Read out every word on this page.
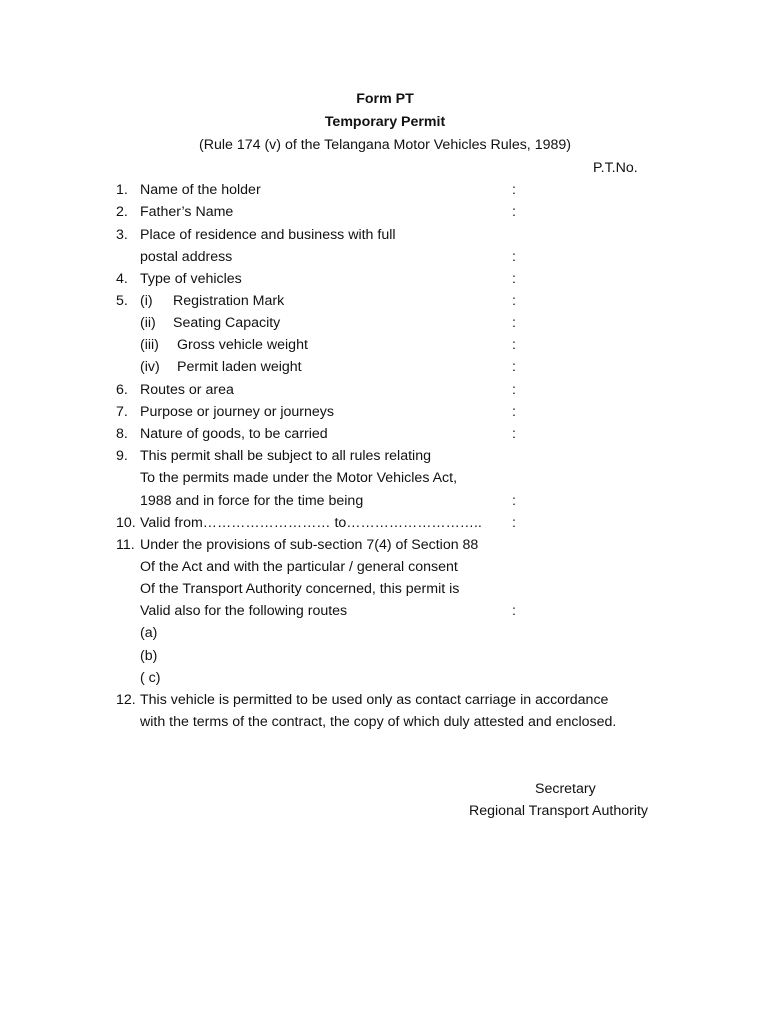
Form PT
Temporary Permit
(Rule 174 (v) of the Telangana Motor Vehicles Rules, 1989)
P.T.No.
1. Name of the holder	:
2. Father’s Name	:
3. Place of residence and business with full
postal address	:
4. Type of vehicles	:
5. (i) Registration Mark	:
(ii) Seating Capacity	:
(iii) Gross vehicle weight	:
(iv) Permit laden weight	:
6. Routes or area	:
7. Purpose or journey or journeys	:
8. Nature of goods, to be carried	:
9. This permit shall be subject to all rules relating
To the permits made under the Motor Vehicles Act,
1988 and in force for the time being	:
10. Valid from……………………… to……………………….. :
11. Under the provisions of sub-section 7(4) of Section 88
Of the Act and with the particular / general consent
Of the Transport Authority concerned, this permit is
Valid also for the following routes	:
(a)
(b)
( c)
12. This vehicle is permitted to be used only as contact carriage in accordance
with the terms of the contract, the copy of which duly attested and enclosed.
Secretary
Regional Transport Authority
